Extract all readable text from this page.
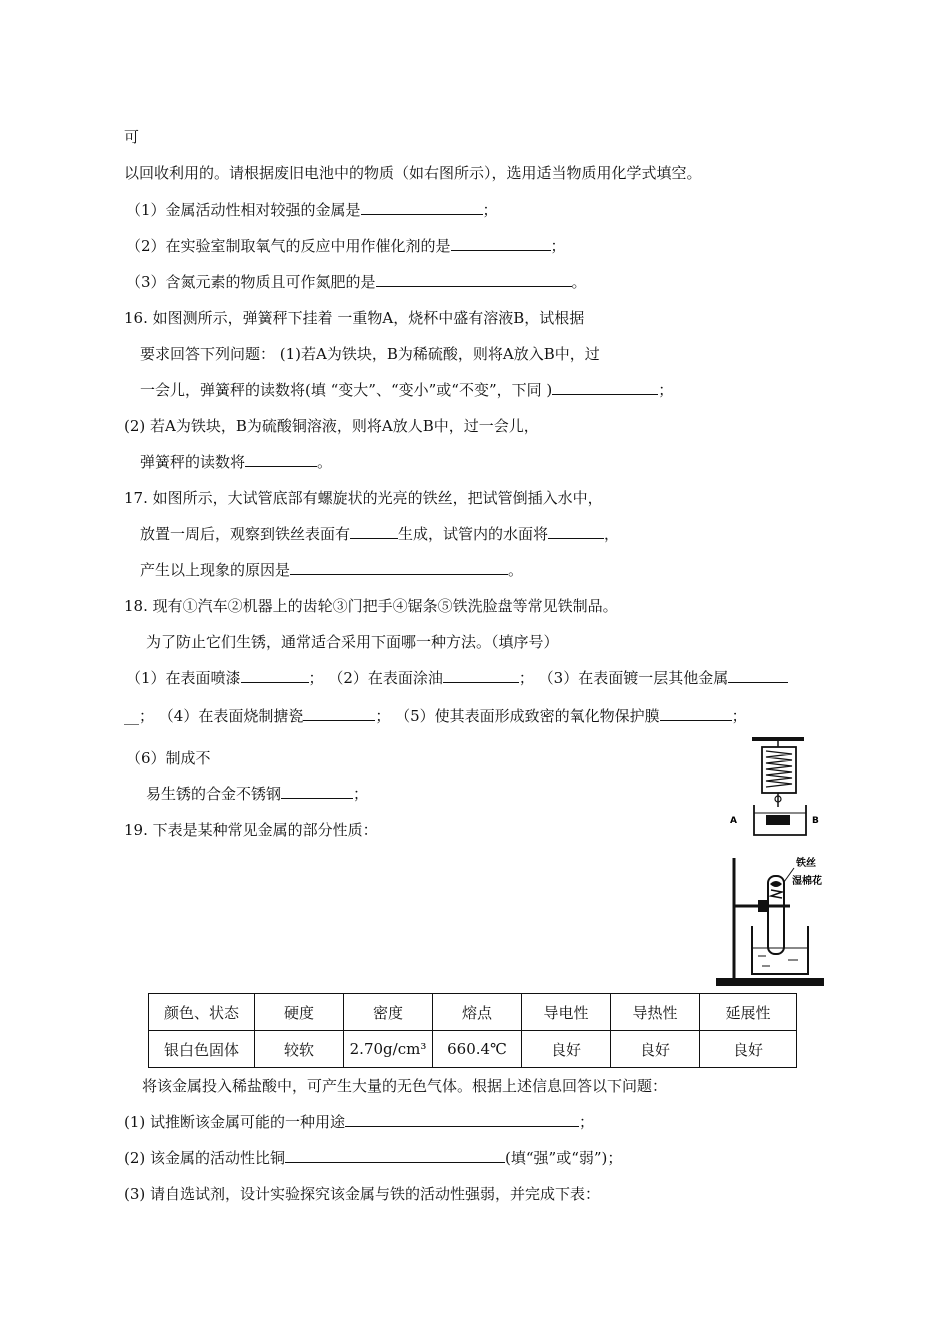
可
以回收利用的。请根据废旧电池中的物质（如右图所示），选用适当物质用化学式填空。
（1）金属活动性相对较强的金属是	；
（2）在实验室制取氧气的反应中用作催化剂的是	；
（3）含氮元素的物质且可作氮肥的是	。
16. 如图测所示，弹簧秤下挂着 一重物A，烧杯中盛有溶液B，试根据
要求回答下列问题： (1)若A为铁块，B为稀硫酸，则将A放入B中，过
一会儿，弹簧秤的读数将(填 “变大”、“变小”或“不变”，下同 )	；
(2) 若A为铁块，B为硫酸铜溶液，则将A放人B中，过一会儿，
弹簧秤的读数将	。
17. 如图所示，大试管底部有螺旋状的光亮的铁丝，把试管倒插入水中，
放置一周后，观察到铁丝表面有	生成，试管内的水面将	，
产生以上现象的原因是	。
18. 现有①汽车②机器上的齿轮③门把手④锯条⑤铁洗脸盘等常见铁制品。
为了防止它们生锈，通常适合采用下面哪一种方法。（填序号）
（1）在表面喷漆	； （2）在表面涂油	； （3）在表面镀一层其他金属
__； （4）在表面烧制搪瓷	； （5）使其表面形成致密的氧化物保护膜	；
（6）制成不
易生锈的合金不锈钢	；
19. 下表是某种常见金属的部分性质：	A	B
铁丝
湿棉花
颜色、状态	硬度	密度	熔点	导电性	导热性	延展性
银白色固体	较软	2.70g/cm³	660.4℃	良好	良好	良好
将该金属投入稀盐酸中，可产生大量的无色气体。根据上述信息回答以下问题：
(1) 试推断该金属可能的一种用途	；
(2) 该金属的活动性比铜	(填“强”或“弱”)；
(3) 请自选试剂，设计实验探究该金属与铁的活动性强弱，并完成下表：
